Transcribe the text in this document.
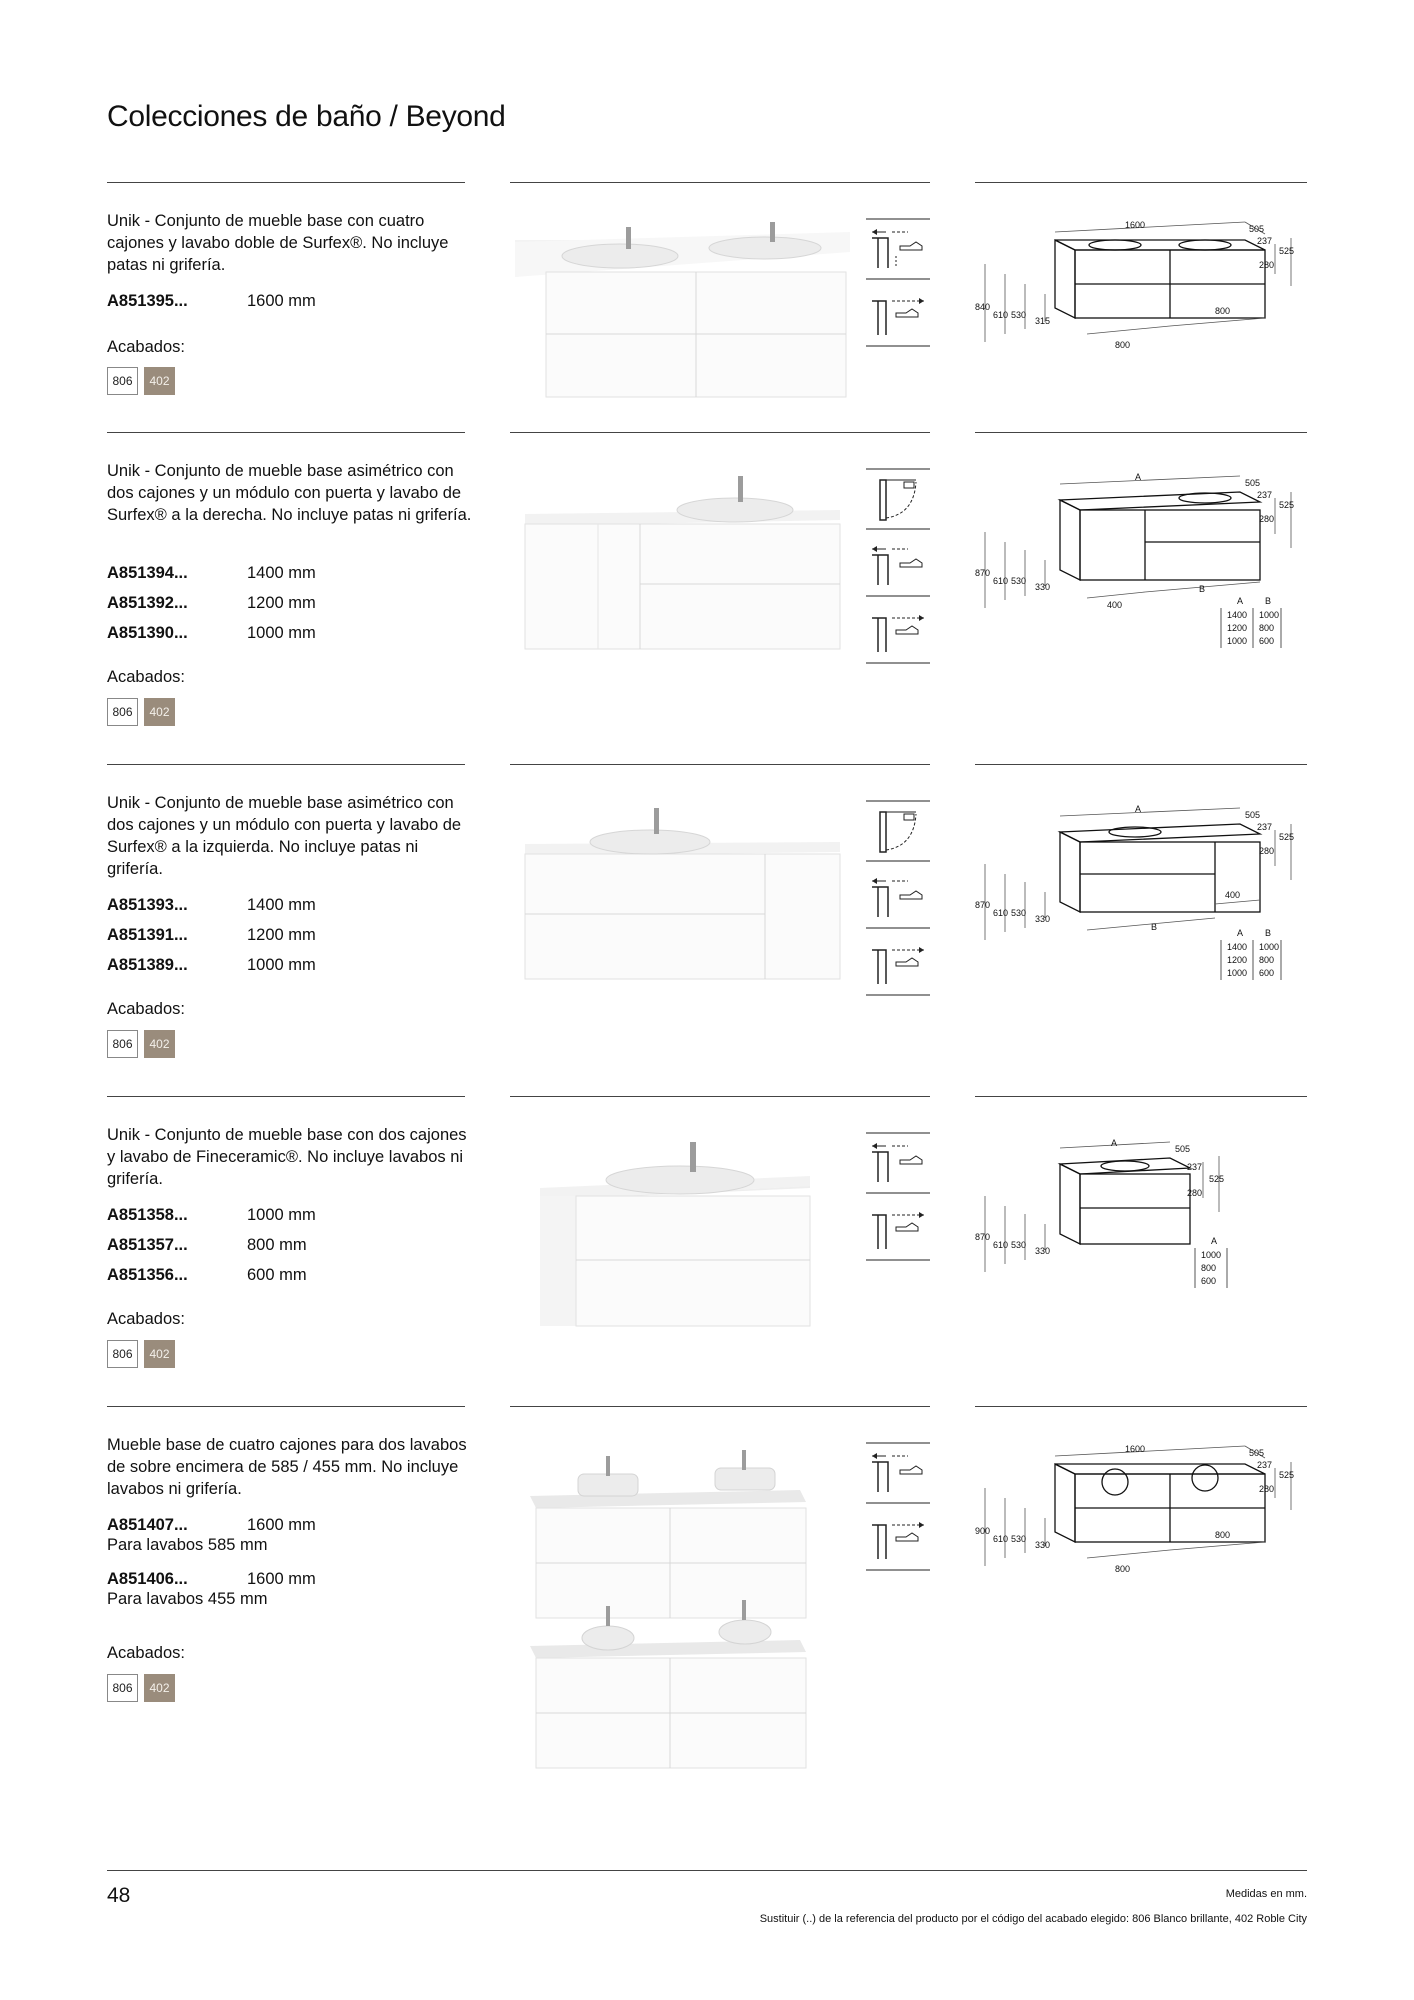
Colecciones de baño / Beyond
Unik - Conjunto de mueble base con cuatro cajones y lavabo doble de Surfex®. No incluye patas ni grifería.
A851395...	1600 mm
Acabados:
806	402

1600	505
237
525
280
840
610 530
315
800
800
Unik - Conjunto de mueble base asimétrico con dos cajones y un módulo con puerta y lavabo de Surfex® a la derecha. No incluye patas ni grifería.
A851394...	1400 mm
A851392...	1200 mm
A851390...	1000 mm
Acabados:
806	402

A
505
237
525
280
870
610 530
330
400
B
A B
1400 1000
1200 800
1000 600
Unik - Conjunto de mueble base asimétrico con dos cajones y un módulo con puerta y lavabo de Surfex® a la izquierda. No incluye patas ni grifería.
A851393...	1400 mm
A851391...	1200 mm
A851389...	1000 mm
Acabados:
806	402

A
505
237
525
280
870
610 530
330
B
400
A B
1400 1000
1200 800
1000 600
Unik - Conjunto de mueble base con dos cajones y lavabo de Fineceramic®. No incluye lavabos ni grifería.
A851358...	1000 mm
A851357...	800 mm
A851356...	600 mm
Acabados:
806	402

A
505
237
525
280
870
610 530
330
A
1000
800
600
Mueble base de cuatro cajones para dos lavabos de sobre encimera de 585 / 455 mm. No incluye lavabos ni grifería.
A851407...	1600 mm
Para lavabos 585 mm
A851406...	1600 mm
Para lavabos 455 mm
Acabados:
806	402

1600	505
237
525
280
900
610 530
330
800
800
48	Medidas en mm.
Sustituir (..) de la referencia del producto por el código del acabado elegido: 806 Blanco brillante, 402 Roble City
